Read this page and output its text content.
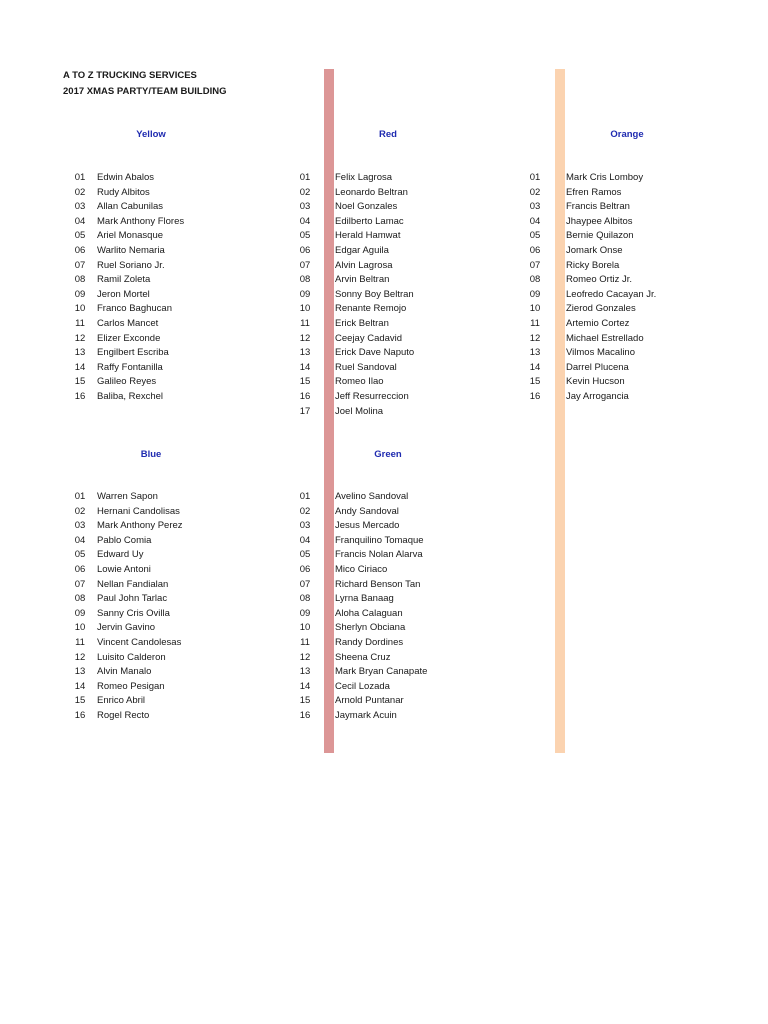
A TO Z TRUCKING SERVICES
2017 XMAS PARTY/TEAM BUILDING
Yellow
01	Edwin Abalos
02	Rudy Albitos
03	Allan Cabunilas
04	Mark Anthony Flores
05	Ariel Monasque
06	Warlito Nemaria
07	Ruel Soriano Jr.
08	Ramil Zoleta
09	Jeron Mortel
10	Franco Baghucan
11	Carlos Mancet
12	Elizer Exconde
13	Engilbert Escriba
14	Raffy Fontanilla
15	Galileo Reyes
16	Baliba, Rexchel
Red
01	Felix Lagrosa
02	Leonardo Beltran
03	Noel Gonzales
04	Edilberto Lamac
05	Herald Hamwat
06	Edgar Aguila
07	Alvin Lagrosa
08	Arvin Beltran
09	Sonny Boy Beltran
10	Renante Remojo
11	Erick Beltran
12	Ceejay Cadavid
13	Erick Dave Naputo
14	Ruel Sandoval
15	Romeo Ilao
16	Jeff Resurreccion
17	Joel Molina
Orange
01	Mark Cris Lomboy
02	Efren Ramos
03	Francis Beltran
04	Jhaypee Albitos
05	Bernie Quilazon
06	Jomark Onse
07	Ricky Borela
08	Romeo Ortiz Jr.
09	Leofredo Cacayan Jr.
10	Zierod Gonzales
11	Artemio Cortez
12	Michael Estrellado
13	Vilmos Macalino
14	Darrel Plucena
15	Kevin Hucson
16	Jay Arrogancia
Blue
01	Warren Sapon
02	Hernani Candolisas
03	Mark Anthony Perez
04	Pablo Comia
05	Edward Uy
06	Lowie Antoni
07	Nellan Fandialan
08	Paul John Tarlac
09	Sanny Cris Ovilla
10	Jervin Gavino
11	Vincent Candolesas
12	Luisito Calderon
13	Alvin Manalo
14	Romeo Pesigan
15	Enrico Abril
16	Rogel Recto
Green
01	Avelino Sandoval
02	Andy Sandoval
03	Jesus Mercado
04	Franquilino Tomaque
05	Francis Nolan Alarva
06	Mico Ciriaco
07	Richard Benson Tan
08	Lyrna Banaag
09	Aloha Calaguan
10	Sherlyn Obciana
11	Randy Dordines
12	Sheena Cruz
13	Mark Bryan Canapate
14	Cecil Lozada
15	Arnold Puntanar
16	Jaymark Acuin
